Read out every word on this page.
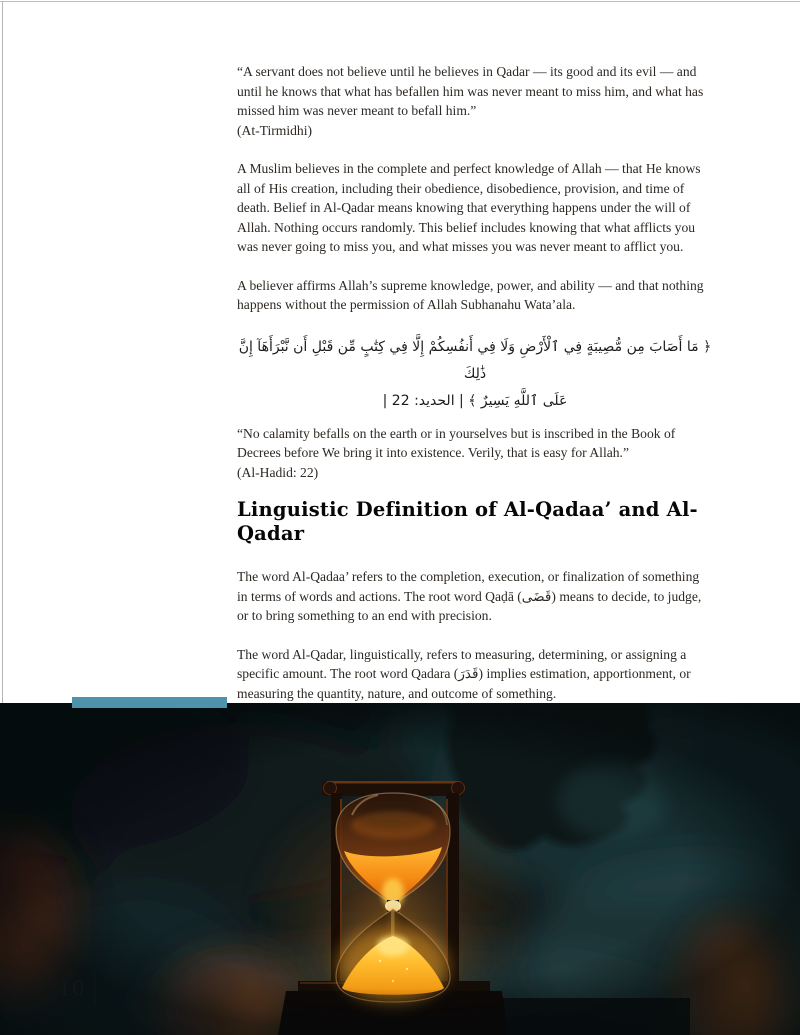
“A servant does not believe until he believes in Qadar — its good and its evil — and until he knows that what has befallen him was never meant to miss him, and what has missed him was never meant to befall him.”
(At-Tirmidhi)
A Muslim believes in the complete and perfect knowledge of Allah — that He knows all of His creation, including their obedience, disobedience, provision, and time of death. Belief in Al-Qadar means knowing that everything happens under the will of Allah. Nothing occurs randomly. This belief includes knowing that what afflicts you was never going to miss you, and what misses you was never meant to afflict you.
A believer affirms Allah’s supreme knowledge, power, and ability — and that nothing happens without the permission of Allah Subhanahu Wata’ala.
﴿ مَا أَصَابَ مِن مُّصِيبَةٍ فِي ٱلْأَرْضِ وَلَا فِي أَنفُسِكُمْ إِلَّا فِي كِتَٰبٍ مِّن قَبْلِ أَن نَّبْرَأَهَآ إِنَّ ذَٰلِكَ
عَلَى ٱللَّهِ يَسِيرٌ ﴾ | الحديد: 22 |
“No calamity befalls on the earth or in yourselves but is inscribed in the Book of Decrees before We bring it into existence. Verily, that is easy for Allah.”
(Al-Hadid: 22)
Linguistic Definition of Al-Qadaa’ and Al-Qadar
The word Al-Qadaa’ refers to the completion, execution, or finalization of something in terms of words and actions. The root word Qaḍā (قَضَى) means to decide, to judge, or to bring something to an end with precision.
The word Al-Qadar, linguistically, refers to measuring, determining, or assigning a specific amount. The root word Qadara (قَدَرَ) implies estimation, apportionment, or measuring the quantity, nature, and outcome of something.
10
